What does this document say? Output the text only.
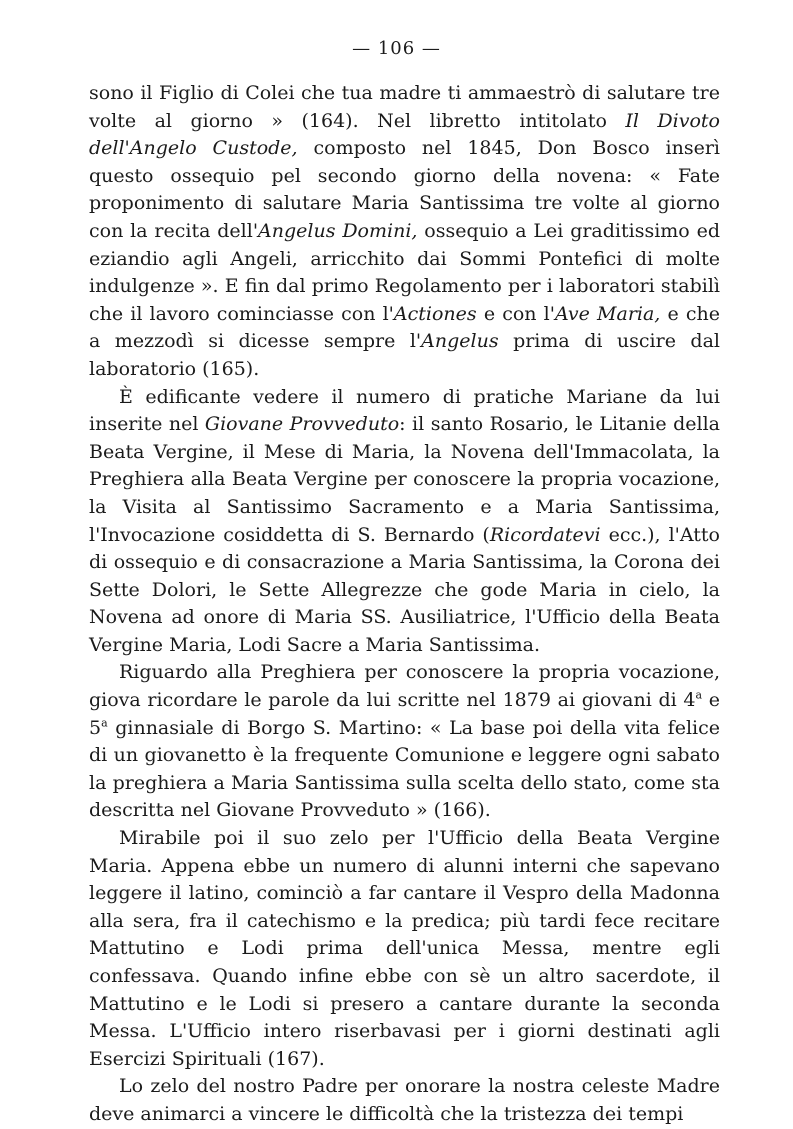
— 106 —

sono il Figlio di Colei che tua madre ti ammaestrò di salutare tre volte al giorno » (164). Nel libretto intitolato Il Divoto dell'Angelo Custode, composto nel 1845, Don Bosco inserì questo ossequio pel secondo giorno della novena: « Fate proponimento di salutare Maria Santissima tre volte al giorno con la recita dell'Angelus Domini, ossequio a Lei graditissimo ed eziandio agli Angeli, arricchito dai Sommi Pontefici di molte indulgenze ». E fin dal primo Regolamento per i laboratori stabilì che il lavoro cominciasse con l'Actiones e con l'Ave Maria, e che a mezzodì si dicesse sempre l'Angelus prima di uscire dal laboratorio (165).

È edificante vedere il numero di pratiche Mariane da lui inserite nel Giovane Provveduto: il santo Rosario, le Litanie della Beata Vergine, il Mese di Maria, la Novena dell'Immacolata, la Preghiera alla Beata Vergine per conoscere la propria vocazione, la Visita al Santissimo Sacramento e a Maria Santissima, l'Invocazione cosiddetta di S. Bernardo (Ricordatevi ecc.), l'Atto di ossequio e di consacrazione a Maria Santissima, la Corona dei Sette Dolori, le Sette Allegrezze che gode Maria in cielo, la Novena ad onore di Maria SS. Ausiliatrice, l'Ufficio della Beata Vergine Maria, Lodi Sacre a Maria Santissima.

Riguardo alla Preghiera per conoscere la propria vocazione, giova ricordare le parole da lui scritte nel 1879 ai giovani di 4$^a$ e 5$^a$ ginnasiale di Borgo S. Martino: « La base poi della vita felice di un giovanetto è la frequente Comunione e leggere ogni sabato la preghiera a Maria Santissima sulla scelta dello stato, come sta descritta nel Giovane Provveduto » (166).

Mirabile poi il suo zelo per l'Ufficio della Beata Vergine Maria. Appena ebbe un numero di alunni interni che sapevano leggere il latino, cominciò a far cantare il Vespro della Madonna alla sera, fra il catechismo e la predica; più tardi fece recitare Mattutino e Lodi prima dell'unica Messa, mentre egli confessava. Quando infine ebbe con sè un altro sacerdote, il Mattutino e le Lodi si presero a cantare durante la seconda Messa. L'Ufficio intero riserbavasi per i giorni destinati agli Esercizi Spirituali (167).

Lo zelo del nostro Padre per onorare la nostra celeste Madre deve animarci a vincere le difficoltà che la tristezza dei tempi
